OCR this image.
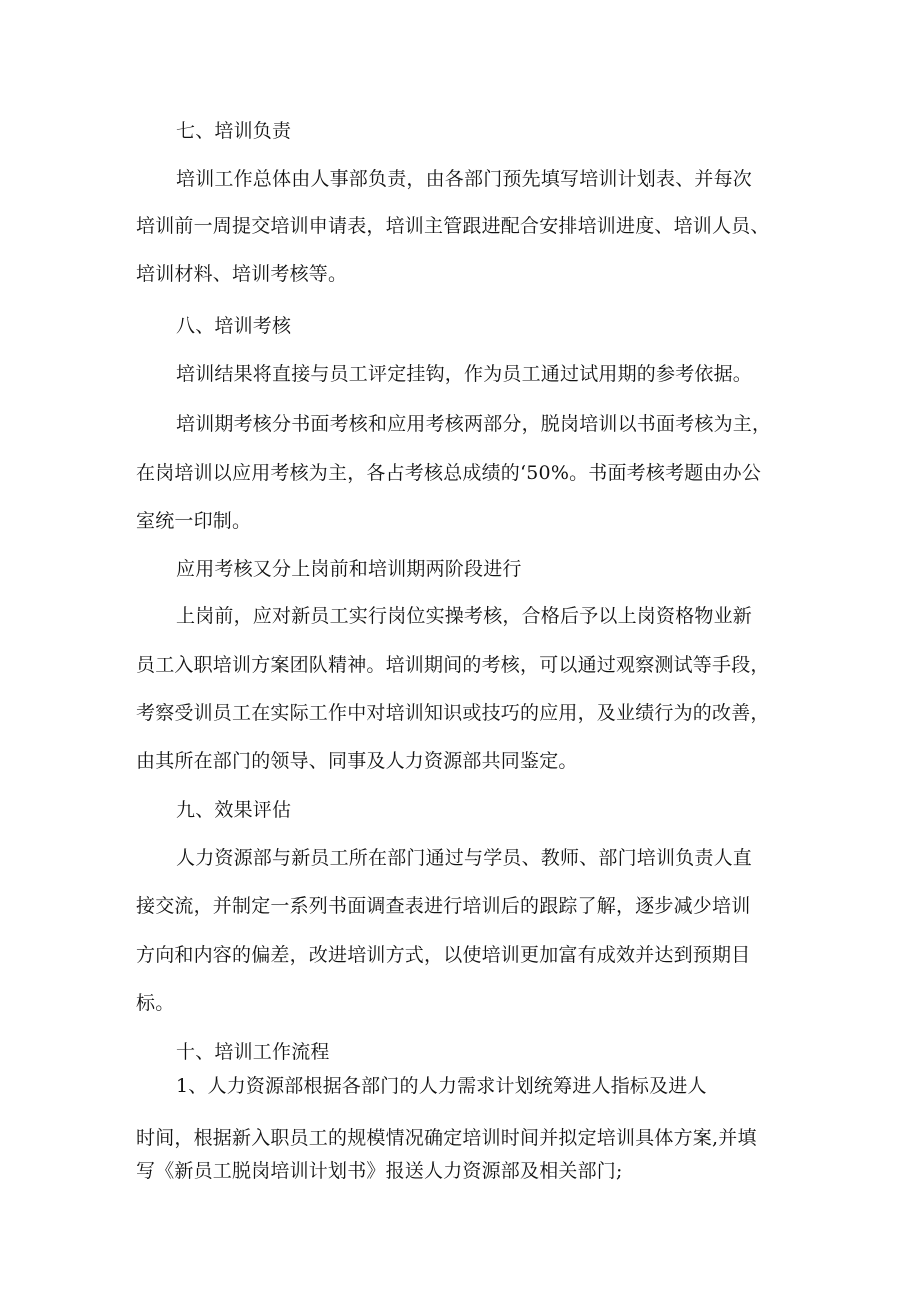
七、培训负责
培训工作总体由人事部负责，由各部门预先填写培训计划表、并每次
培训前一周提交培训申请表，培训主管跟进配合安排培训进度、培训人员、
培训材料、培训考核等。
八、培训考核
培训结果将直接与员工评定挂钩，作为员工通过试用期的参考依据。
培训期考核分书面考核和应用考核两部分，脱岗培训以书面考核为主，
在岗培训以应用考核为主，各占考核总成绩的‘50%。书面考核考题由办公
室统一印制。
应用考核又分上岗前和培训期两阶段进行
上岗前，应对新员工实行岗位实操考核，合格后予以上岗资格物业新
员工入职培训方案团队精神。培训期间的考核，可以通过观察测试等手段，
考察受训员工在实际工作中对培训知识或技巧的应用，及业绩行为的改善，
由其所在部门的领导、同事及人力资源部共同鉴定。
九、效果评估
人力资源部与新员工所在部门通过与学员、教师、部门培训负责人直
接交流，并制定一系列书面调查表进行培训后的跟踪了解，逐步减少培训
方向和内容的偏差，改进培训方式，以使培训更加富有成效并达到预期目
标。
十、培训工作流程
1、人力资源部根据各部门的人力需求计划统筹进人指标及进人
时间，根据新入职员工的规模情况确定培训时间并拟定培训具体方案,并填
写《新员工脱岗培训计划书》报送人力资源部及相关部门;
